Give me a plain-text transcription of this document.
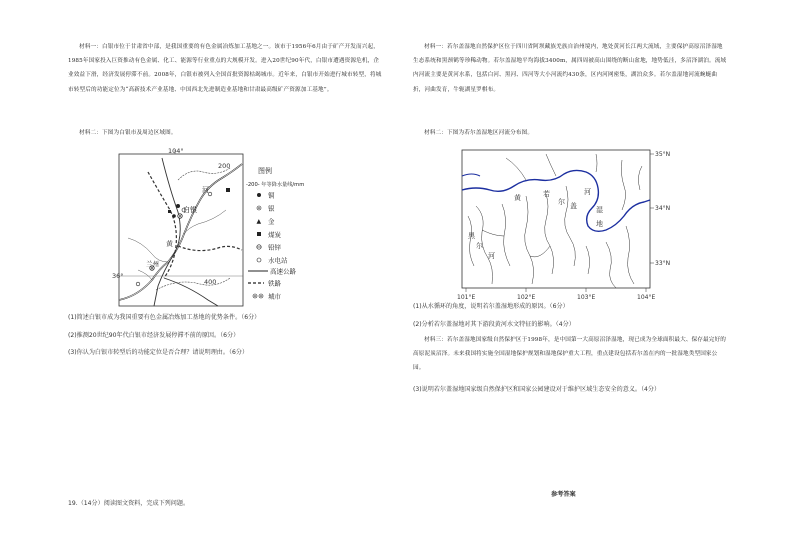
材料一：白银市位于甘肃省中部，是我国重要的有色金属冶炼加工基地之一。该市于1956年6月由于矿产开发而兴起，1985年国家投入巨资推动有色金属、化工、能源等行业重点的大规模开发。进入20世纪90年代，白银市遭遇资源危机，企业效益下滑，经济发展停滞不前。2008年，白银市被列入全国首批资源枯竭城市。近年来，白银市开始进行城市转型，将城市转型后的功能定位为“高新技术产业基地、中国西北先进制造业基地和甘肃最高级矿产资源加工基地”。
材料二：下图为白银市及周边区域图。
104°
36°
200
400
河
黄
白银
兰州
图例
-200- 年等降水量线/mm
铜
银
▲ 金
煤炭
铅锌
水电站
高速公路
铁路
城市
(1)简述白银市成为我国重要有色金属冶炼加工基地的优势条件。（6分）
(2)推测20世纪90年代白银市经济发展停滞不前的原因。（6分）
(3)你认为白银市转型后的功能定位是否合理？请说明理由。（6分）
19.（14分）阅读图文资料，完成下列问题。
材料一：若尔盖湿地自然保护区位于四川省阿坝藏族羌族自治州境内，地处黄河长江两大流域，主要保护高原沼泽湿地生态系统和黑颈鹤等珍稀动物。若尔盖湿地平均海拔3400m，属四周被高山围绕的断山盆地，地势低洼，多沼泽湖泊。流域内河流主要是黄河水系，包括白河、黑河、四河等大小河流约430条，区内河网密集，湖泊众多。若尔盖湿地河流蜿蜒曲折，河曲发育，牛轭湖星罗棋布。
材料二：下图为若尔盖湿地区河流分布图。
35°N
34°N
33°N
101°E	102°E	103°E	104°E
黄	若
尔 盖
河
湿
地
黑
尔
河
(1)从水循环的角度，说明若尔盖湿地形成的原因。（6分）
(2)分析若尔盖湿地对其下游段黄河水文特征的影响。（4分）
材料三：若尔盖湿地国家级自然保护区于1998年，是中国第一大高原沼泽湿地，现已成为全球面积最大、保存最完好的高原泥炭沼泽。未来我国将实施全国湿地保护规划和湿地保护重大工程，重点建设包括若尔盖在内的一批湿地类型国家公园。
(3)说明若尔盖湿地国家级自然保护区和国家公园建设对于维护区域生态安全的意义。（4分）
参考答案
